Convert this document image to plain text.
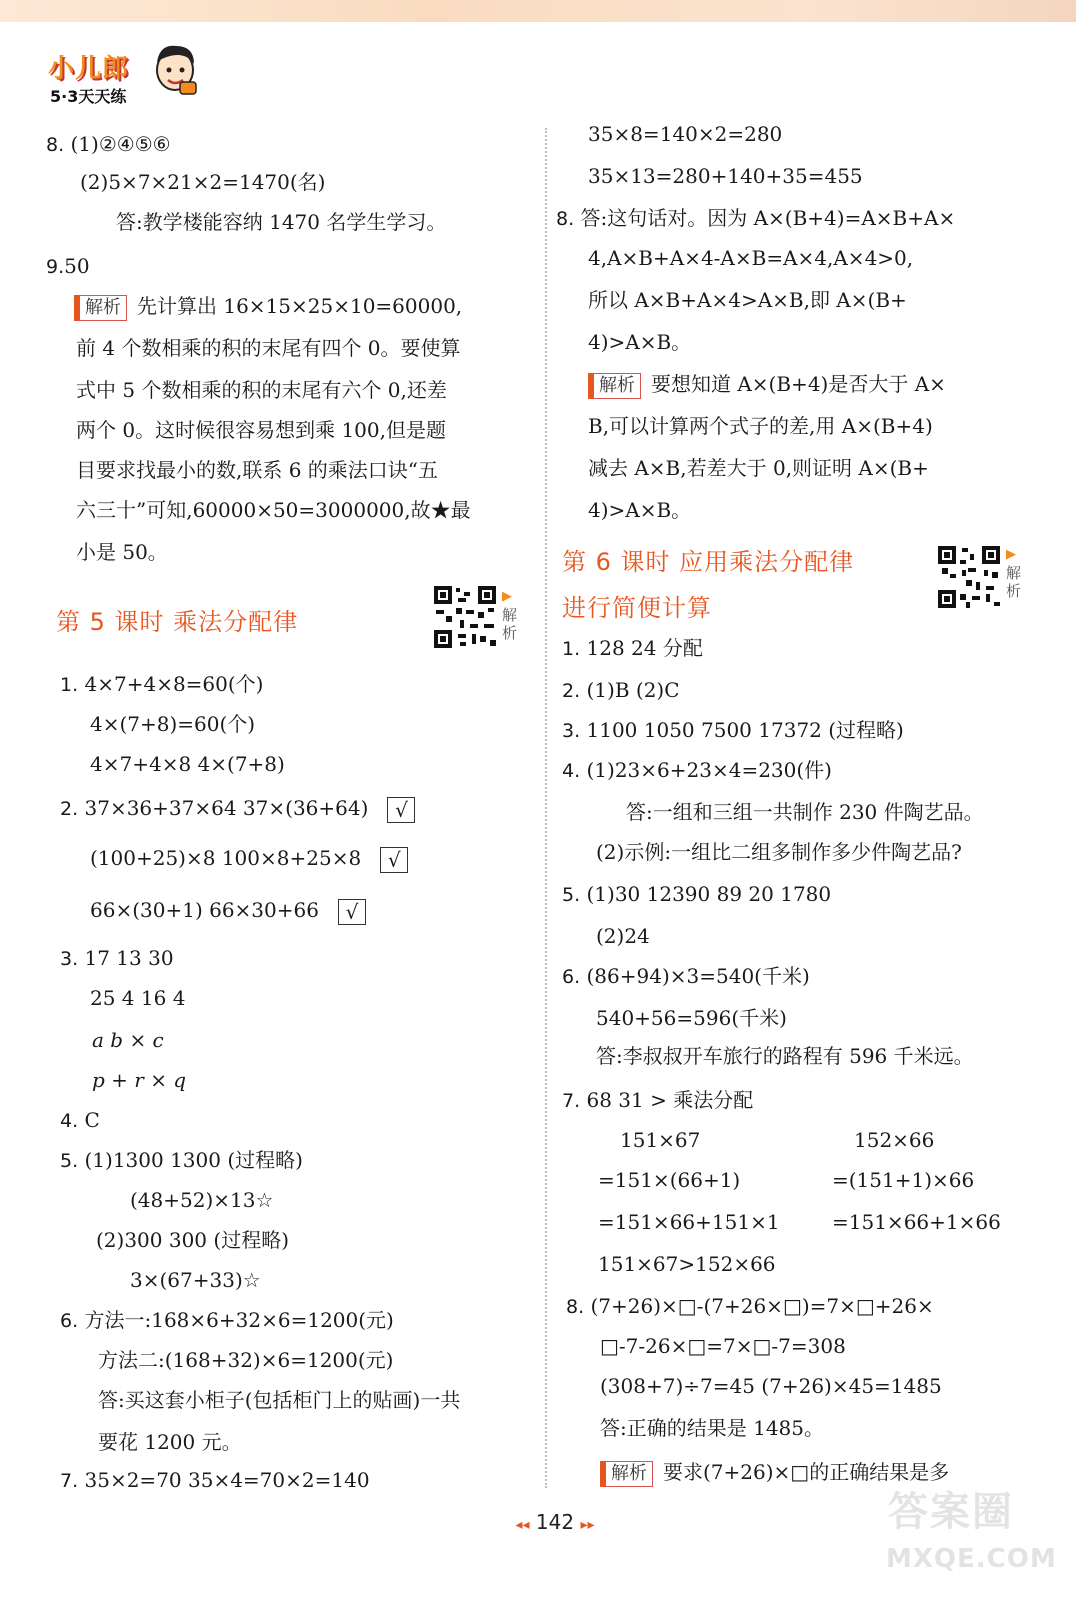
小儿郎
5·3天天练
8. (1)②④⑤⑥
(2)5×7×21×2=1470(名)
答:教学楼能容纳 1470 名学生学习。
9.50
解析 先计算出 16×15×25×10=60000,
前 4 个数相乘的积的末尾有四个 0。要使算
式中 5 个数相乘的积的末尾有六个 0,还差
两个 0。这时候很容易想到乘 100,但是题
目要求找最小的数,联系 6 的乘法口诀“五
六三十”可知,60000×50=3000000,故★最
小是 50。
第 5 课时 乘法分配律
▶
解析
1. 4×7+4×8=60(个)
4×(7+8)=60(个)
4×7+4×8 4×(7+8)
2. 37×36+37×64 37×(36+64) √
(100+25)×8 100×8+25×8 √
66×(30+1) 66×30+66 √
3. 17 13 30
25 4 16 4
a b × c
p + r × q
4. C
5. (1)1300 1300 (过程略)
(48+52)×13☆
(2)300 300 (过程略)
3×(67+33)☆
6. 方法一:168×6+32×6=1200(元)
方法二:(168+32)×6=1200(元)
答:买这套小柜子(包括柜门上的贴画)一共
要花 1200 元。
7. 35×2=70 35×4=70×2=140
35×8=140×2=280
35×13=280+140+35=455
8. 答:这句话对。因为 A×(B+4)=A×B+A×
4,A×B+A×4-A×B=A×4,A×4>0,
所以 A×B+A×4>A×B,即 A×(B+
4)>A×B。
解析 要想知道 A×(B+4)是否大于 A×
B,可以计算两个式子的差,用 A×(B+4)
减去 A×B,若差大于 0,则证明 A×(B+
4)>A×B。
第 6 课时 应用乘法分配律
进行简便计算
▶
解析
1. 128 24 分配
2. (1)B (2)C
3. 1100 1050 7500 17372 (过程略)
4. (1)23×6+23×4=230(件)
答:一组和三组一共制作 230 件陶艺品。
(2)示例:一组比二组多制作多少件陶艺品?
5. (1)30 12390 89 20 1780
(2)24
6. (86+94)×3=540(千米)
540+56=596(千米)
答:李叔叔开车旅行的路程有 596 千米远。
7. 68 31 > 乘法分配
151×67	152×66
=151×(66+1)	=(151+1)×66
=151×66+151×1	=151×66+1×66
151×67>152×66
8. (7+26)×□-(7+26×□)=7×□+26×
□-7-26×□=7×□-7=308
(308+7)÷7=45 (7+26)×45=1485
答:正确的结果是 1485。
解析 要求(7+26)×□的正确结果是多
◂◂ 142 ▸▸	答案圈
MXQE.COM
